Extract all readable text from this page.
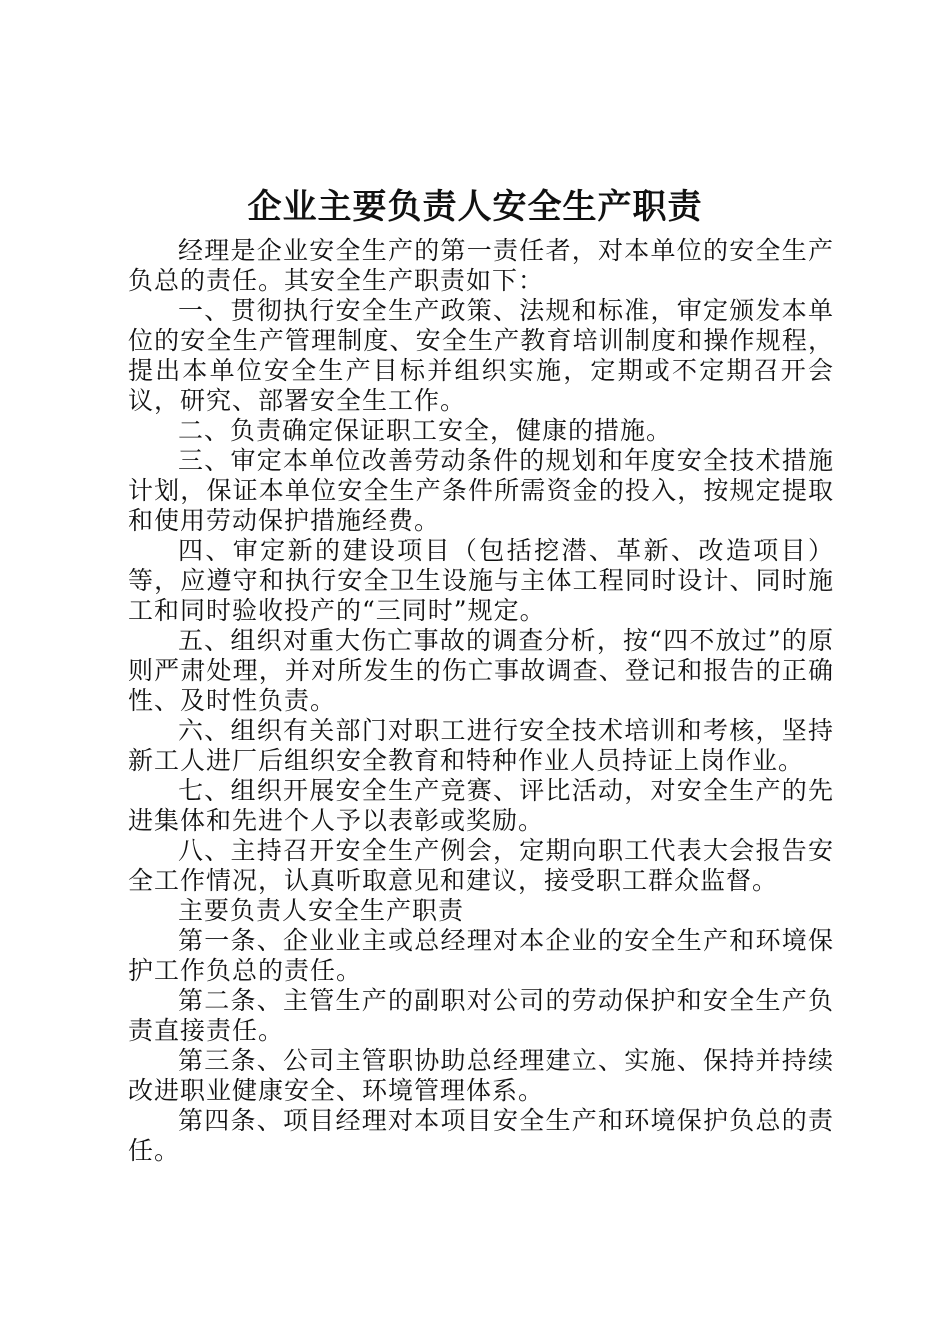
企业主要负责人安全生产职责

经理是企业安全生产的第一责任者，对本单位的安全生产负总的责任。其安全生产职责如下：

一、贯彻执行安全生产政策、法规和标准，审定颁发本单位的安全生产管理制度、安全生产教育培训制度和操作规程，提出本单位安全生产目标并组织实施，定期或不定期召开会议，研究、部署安全生工作。

二、负责确定保证职工安全，健康的措施。

三、审定本单位改善劳动条件的规划和年度安全技术措施计划，保证本单位安全生产条件所需资金的投入，按规定提取和使用劳动保护措施经费。

四、审定新的建设项目（包括挖潜、革新、改造项目）等，应遵守和执行安全卫生设施与主体工程同时设计、同时施工和同时验收投产的“三同时”规定。

五、组织对重大伤亡事故的调查分析，按“四不放过”的原则严肃处理，并对所发生的伤亡事故调查、登记和报告的正确性、及时性负责。

六、组织有关部门对职工进行安全技术培训和考核，坚持新工人进厂后组织安全教育和特种作业人员持证上岗作业。

七、组织开展安全生产竞赛、评比活动，对安全生产的先进集体和先进个人予以表彰或奖励。

八、主持召开安全生产例会，定期向职工代表大会报告安全工作情况，认真听取意见和建议，接受职工群众监督。

主要负责人安全生产职责

第一条、企业业主或总经理对本企业的安全生产和环境保护工作负总的责任。

第二条、主管生产的副职对公司的劳动保护和安全生产负责直接责任。

第三条、公司主管职协助总经理建立、实施、保持并持续改进职业健康安全、环境管理体系。

第四条、项目经理对本项目安全生产和环境保护负总的责任。
